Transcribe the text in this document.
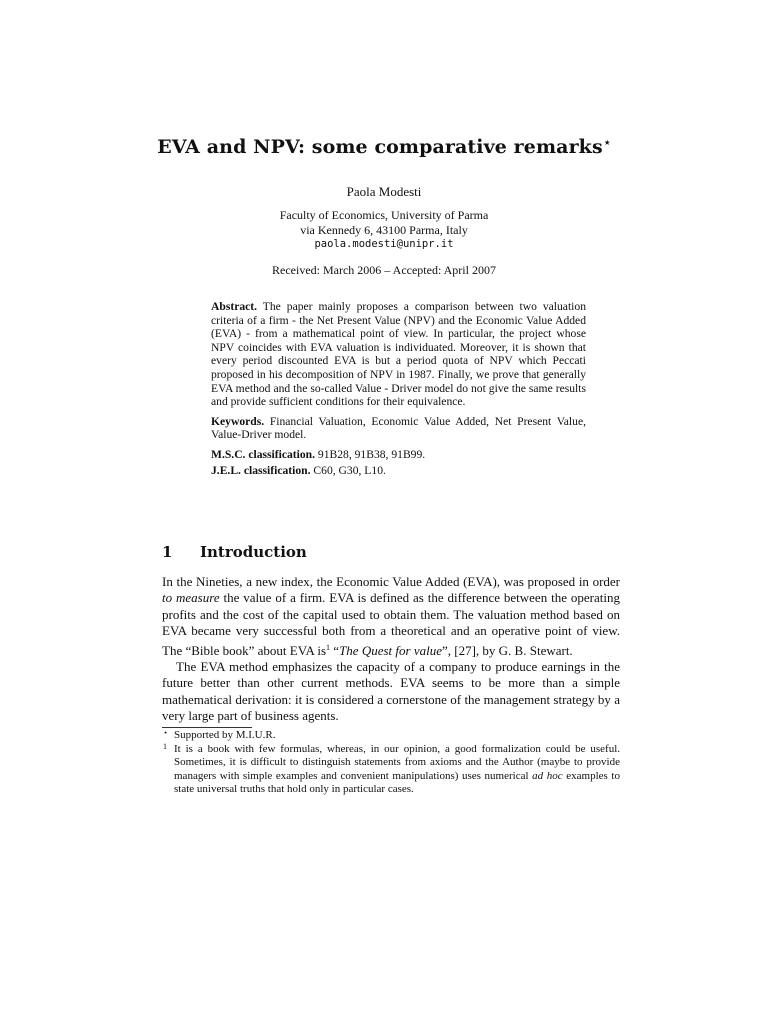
EVA and NPV: some comparative remarks⋆
Paola Modesti
Faculty of Economics, University of Parma
via Kennedy 6, 43100 Parma, Italy
paola.modesti@unipr.it
Received: March 2006 – Accepted: April 2007

Abstract. The paper mainly proposes a comparison between two valuation criteria of a firm - the Net Present Value (NPV) and the Economic Value Added (EVA) - from a mathematical point of view. In particular, the project whose NPV coincides with EVA valuation is individuated. Moreover, it is shown that every period discounted EVA is but a period quota of NPV which Peccati proposed in his decomposition of NPV in 1987. Finally, we prove that generally EVA method and the so-called Value - Driver model do not give the same results and provide sufficient conditions for their equivalence.

Keywords. Financial Valuation, Economic Value Added, Net Present Value, Value-Driver model.

M.S.C. classification. 91B28, 91B38, 91B99.

J.E.L. classification. C60, G30, L10.

1 Introduction

In the Nineties, a new index, the Economic Value Added (EVA), was proposed in order to measure the value of a firm. EVA is defined as the difference between the operating profits and the cost of the capital used to obtain them. The valuation method based on EVA became very successful both from a theoretical and an operative point of view. The “Bible book” about EVA $is^1$ “The Quest for value”, [27], by G. B. Stewart.

The EVA method emphasizes the capacity of a company to produce earnings in the future better than other current methods. EVA seems to be more than a simple mathematical derivation: it is considered a cornerstone of the management strategy by a very large part of business agents.

⋆ Supported by M.I.U.R.
1 It is a book with few formulas, whereas, in our opinion, a good formalization could be useful. Sometimes, it is difficult to distinguish statements from axioms and the Author (maybe to provide managers with simple examples and convenient manipulations) uses numerical ad hoc examples to state universal truths that hold only in particular cases.
